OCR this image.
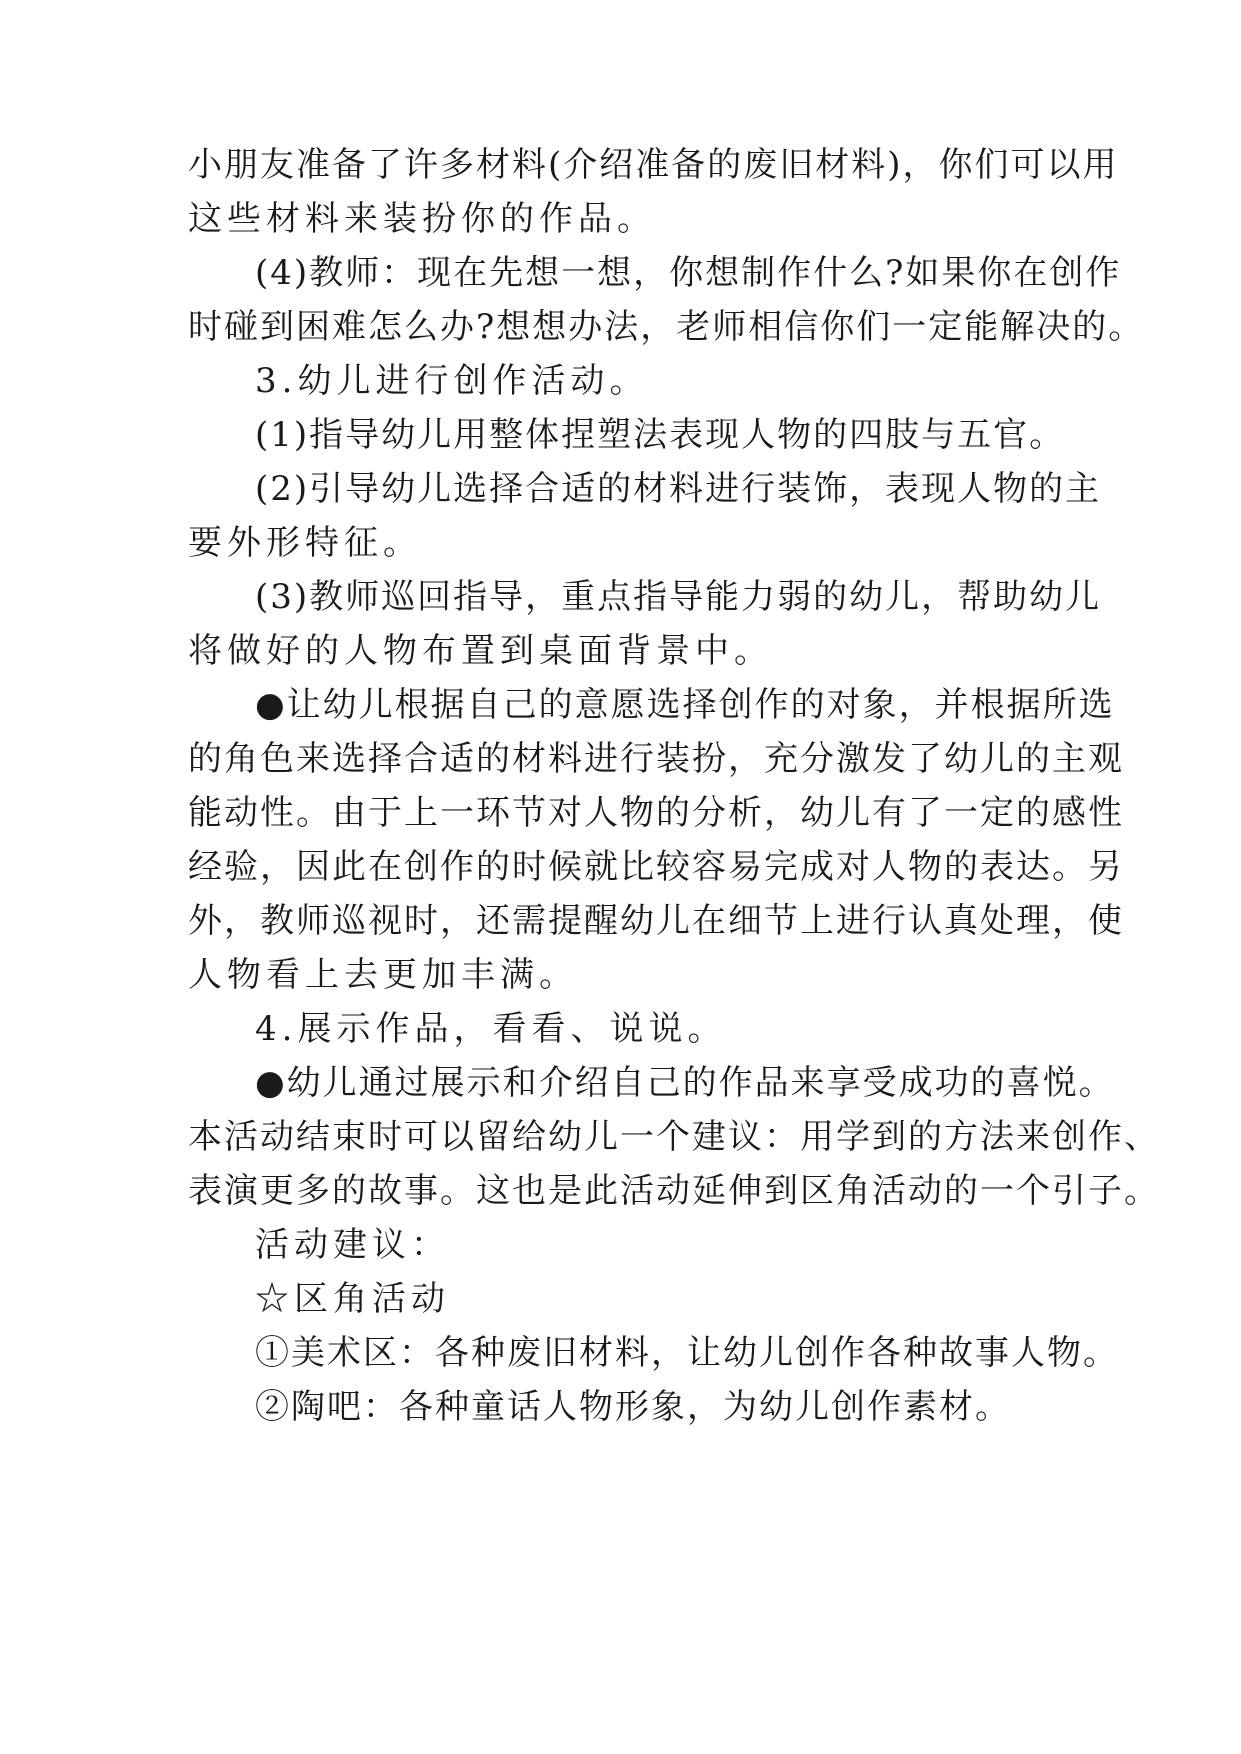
小朋友准备了许多材料(介绍准备的废旧材料)，你们可以用
这些材料来装扮你的作品。
(4)教师：现在先想一想，你想制作什么?如果你在创作
时碰到困难怎么办?想想办法，老师相信你们一定能解决的。
3.幼儿进行创作活动。
(1)指导幼儿用整体捏塑法表现人物的四肢与五官。
(2)引导幼儿选择合适的材料进行装饰，表现人物的主
要外形特征。
(3)教师巡回指导，重点指导能力弱的幼儿，帮助幼儿
将做好的人物布置到桌面背景中。
●让幼儿根据自己的意愿选择创作的对象，并根据所选
的角色来选择合适的材料进行装扮，充分激发了幼儿的主观
能动性。由于上一环节对人物的分析，幼儿有了一定的感性
经验，因此在创作的时候就比较容易完成对人物的表达。另
外，教师巡视时，还需提醒幼儿在细节上进行认真处理，使
人物看上去更加丰满。
4.展示作品，看看、说说。
●幼儿通过展示和介绍自己的作品来享受成功的喜悦。
本活动结束时可以留给幼儿一个建议：用学到的方法来创作、
表演更多的故事。这也是此活动延伸到区角活动的一个引子。
活动建议：
☆区角活动
①美术区：各种废旧材料，让幼儿创作各种故事人物。
②陶吧：各种童话人物形象，为幼儿创作素材。
